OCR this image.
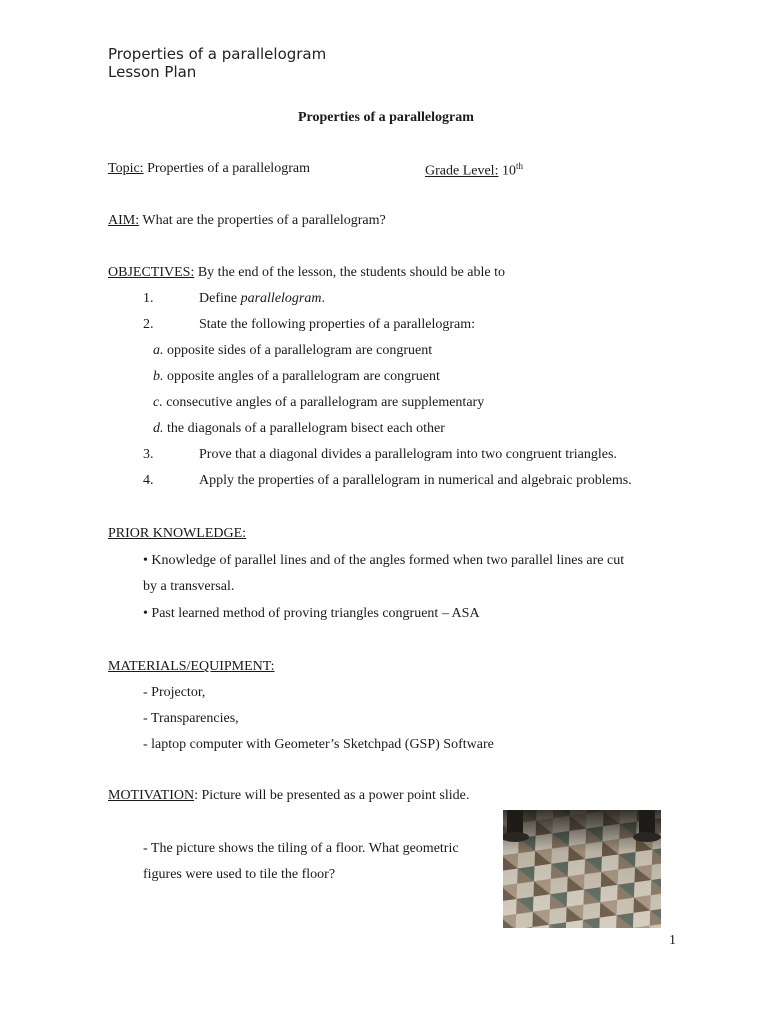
Properties of a parallelogram
Lesson Plan
Properties of a parallelogram
Topic: Properties of a parallelogram	Grade Level: 10th
AIM: What are the properties of a parallelogram?
OBJECTIVES: By the end of the lesson, the students should be able to
1.	Define parallelogram.
2.	State the following properties of a parallelogram:
a. opposite sides of a parallelogram are congruent
b. opposite angles of a parallelogram are congruent
c. consecutive angles of a parallelogram are supplementary
d. the diagonals of a parallelogram bisect each other
3.	Prove that a diagonal divides a parallelogram into two congruent triangles.
4.	Apply the properties of a parallelogram in numerical and algebraic problems.
PRIOR KNOWLEDGE:
• Knowledge of parallel lines and of the angles formed when two parallel lines are cut
by a transversal.
• Past learned method of proving triangles congruent – ASA
MATERIALS/EQUIPMENT:
- Projector,
- Transparencies,
- laptop computer with Geometer’s Sketchpad (GSP) Software
MOTIVATION: Picture will be presented as a power point slide.
- The picture shows the tiling of a floor. What geometric
figures were used to tile the floor?
1
